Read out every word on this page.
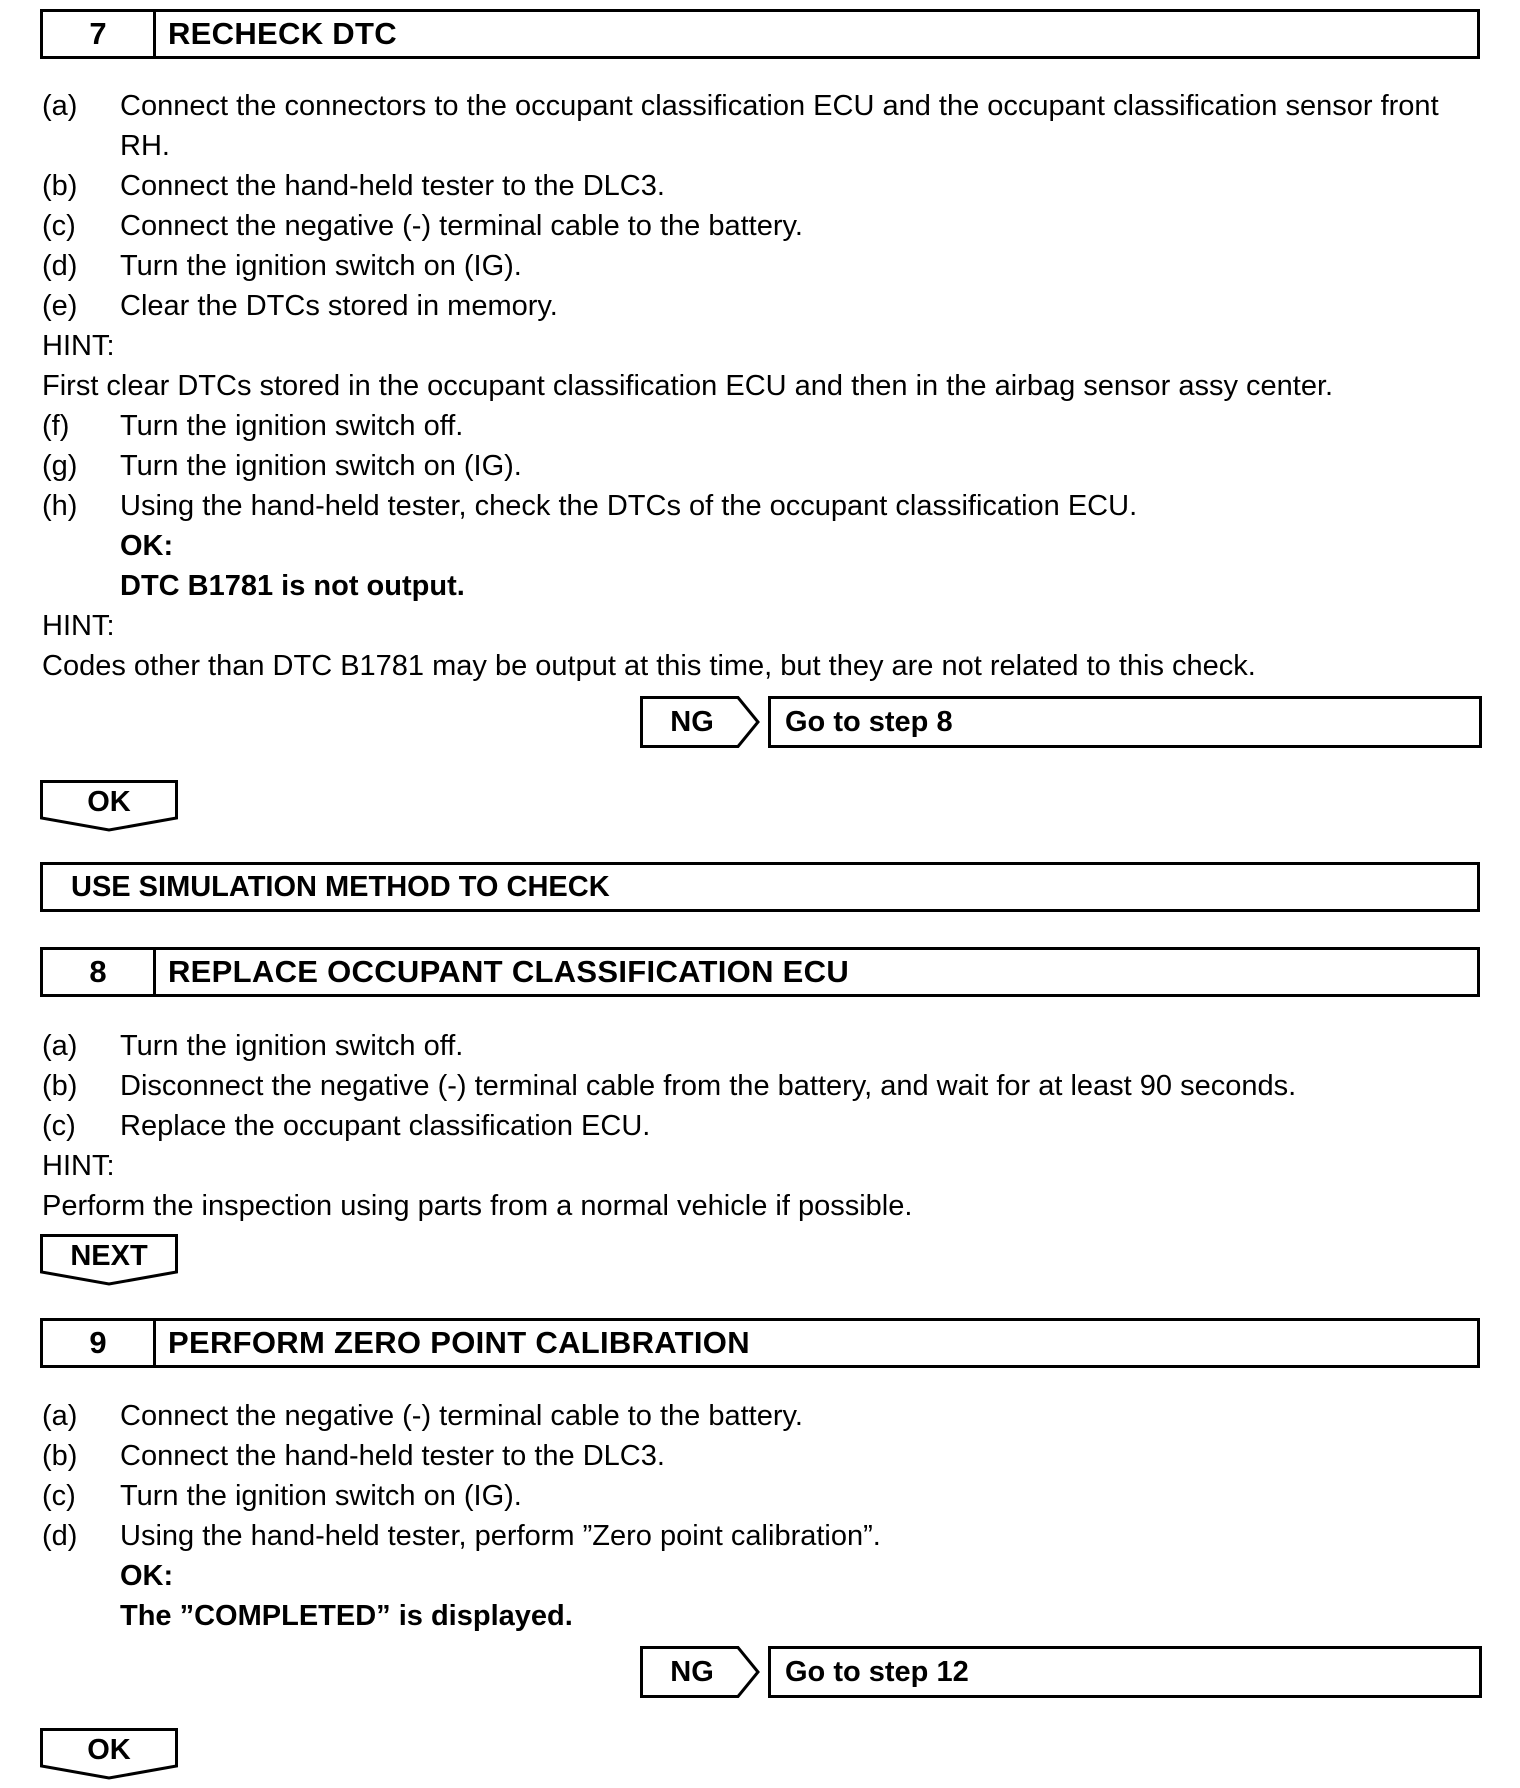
7	RECHECK DTC
(a) Connect the connectors to the occupant classification ECU and the occupant classification sensor front RH.
(b) Connect the hand-held tester to the DLC3.
(c) Connect the negative (-) terminal cable to the battery.
(d) Turn the ignition switch on (IG).
(e) Clear the DTCs stored in memory.
HINT:
First clear DTCs stored in the occupant classification ECU and then in the airbag sensor assy center.
(f) Turn the ignition switch off.
(g) Turn the ignition switch on (IG).
(h) Using the hand-held tester, check the DTCs of the occupant classification ECU.
OK:
DTC B1781 is not output.
HINT:
Codes other than DTC B1781 may be output at this time, but they are not related to this check.
NG	Go to step 8
OK
USE SIMULATION METHOD TO CHECK
8	REPLACE OCCUPANT CLASSIFICATION ECU
(a) Turn the ignition switch off.
(b) Disconnect the negative (-) terminal cable from the battery, and wait for at least 90 seconds.
(c) Replace the occupant classification ECU.
HINT:
Perform the inspection using parts from a normal vehicle if possible.
NEXT
9	PERFORM ZERO POINT CALIBRATION
(a) Connect the negative (-) terminal cable to the battery.
(b) Connect the hand-held tester to the DLC3.
(c) Turn the ignition switch on (IG).
(d) Using the hand-held tester, perform ”Zero point calibration”.
OK:
The ”COMPLETED” is displayed.
NG	Go to step 12
OK
